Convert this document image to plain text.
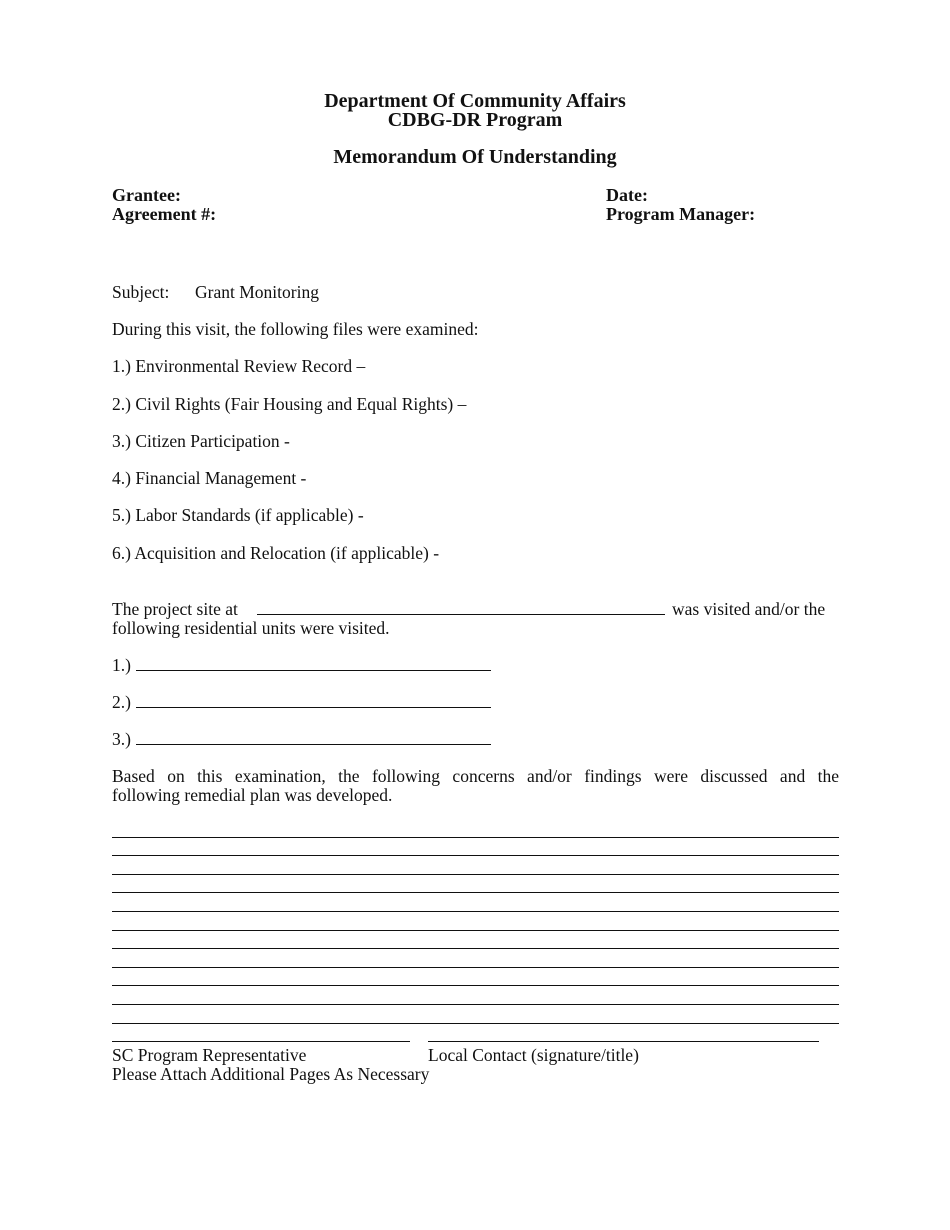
Department Of Community Affairs
CDBG-DR Program
Memorandum Of Understanding
Grantee:
Agreement #:
Date:
Program Manager:
Subject: Grant Monitoring
During this visit, the following files were examined:
1.) Environmental Review Record –
2.) Civil Rights (Fair Housing and Equal Rights) –
3.) Citizen Participation -
4.) Financial Management -
5.) Labor Standards (if applicable) -
6.) Acquisition and Relocation (if applicable) -
The project site at	was visited and/or the
following residential units were visited.
1.)
2.)
3.)
Based on this examination, the following concerns and/or findings were discussed and the
following remedial plan was developed.
SC Program Representative	Local Contact (signature/title)
Please Attach Additional Pages As Necessary
